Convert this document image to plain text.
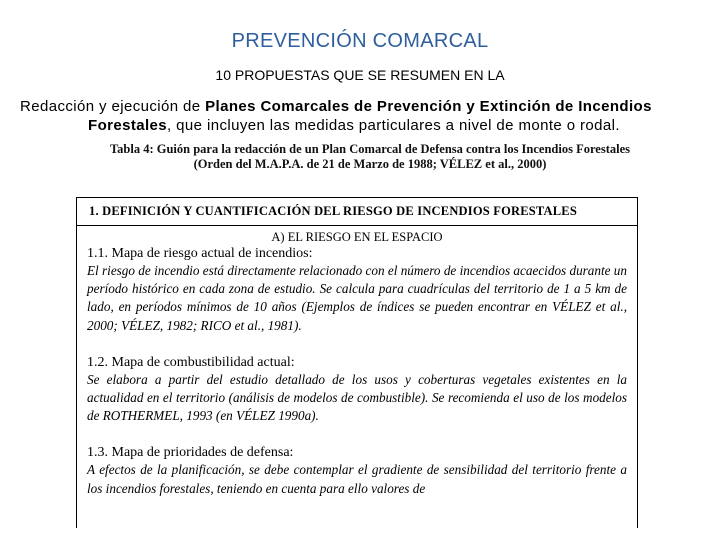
PREVENCIÓN COMARCAL
10 PROPUESTAS QUE SE RESUMEN EN LA
Redacción y ejecución de Planes Comarcales de Prevención y Extinción de Incendios
Forestales, que incluyen las medidas particulares a nivel de monte o rodal.
Tabla 4: Guión para la redacción de un Plan Comarcal de Defensa contra los Incendios Forestales
(Orden del M.A.P.A. de 21 de Marzo de 1988; VÉLEZ et al., 2000)
1. DEFINICIÓN Y CUANTIFICACIÓN DEL RIESGO DE INCENDIOS FORESTALES
A) EL RIESGO EN EL ESPACIO
1.1. Mapa de riesgo actual de incendios:
El riesgo de incendio está directamente relacionado con el número de incendios acaecidos durante un período histórico en cada zona de estudio. Se calcula para cuadrículas del territorio de 1 a 5 km de lado, en períodos mínimos de 10 años (Ejemplos de índices se pueden encontrar en VÉLEZ et al., 2000; VÉLEZ, 1982; RICO et al., 1981).
1.2. Mapa de combustibilidad actual:
Se elabora a partir del estudio detallado de los usos y coberturas vegetales existentes en la actualidad en el territorio (análisis de modelos de combustible). Se recomienda el uso de los modelos de ROTHERMEL, 1993 (en VÉLEZ 1990a).
1.3. Mapa de prioridades de defensa:
A efectos de la planificación, se debe contemplar el gradiente de sensibilidad del territorio frente a los incendios forestales, teniendo en cuenta para ello valores de
